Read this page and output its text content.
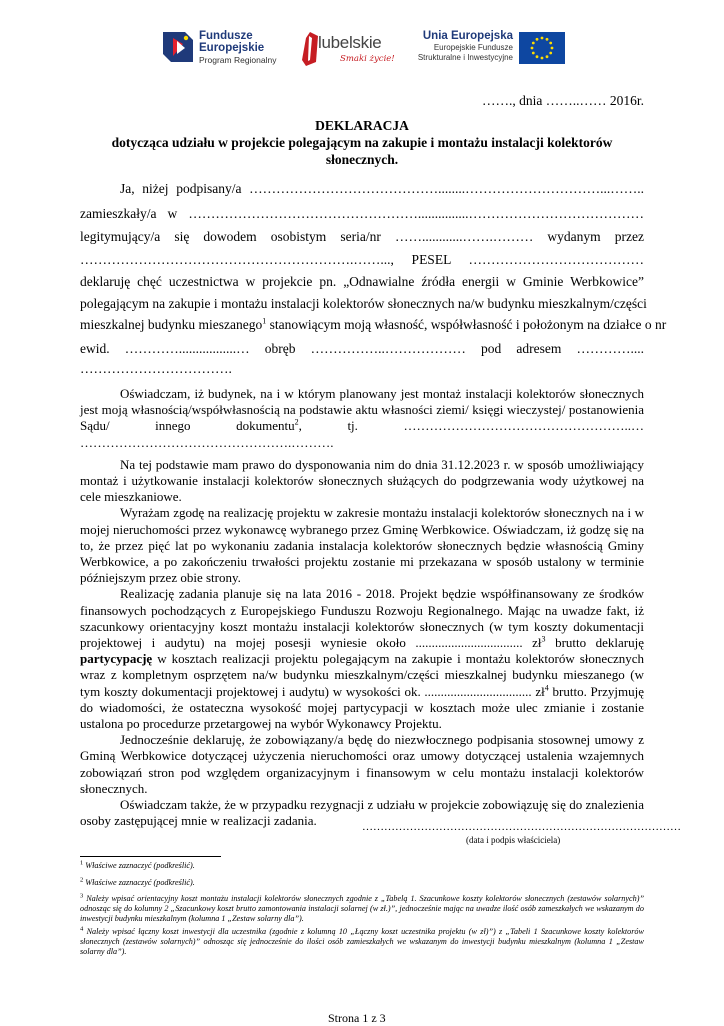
Fundusze
Europejskie
Program Regionalny
lubelskie
Smaki życie!
Unia Europejska
Europejskie Fundusze
Strukturalne i Inwestycyjne
……., dnia ……..…… 2016r.
DEKLARACJA
dotycząca udziału w projekcie polegającym na zakupie i montażu instalacji kolektorów
słonecznych.
Ja, niżej podpisany/a ……………………………………........…………………………...……..
zamieszkały/a w ……………………………………………...............…………………………………
legitymujący/a się dowodem osobistym seria/nr ……............…….……… wydanym przez
…………………………………………………….……..., PESEL …………………………………
deklaruję chęć uczestnictwa w projekcie pn. „Odnawialne źródła energii w Gminie Werbkowice”
polegającym na zakupie i montażu instalacji kolektorów słonecznych na/w budynku mieszkalnym/części
mieszkalnej budynku mieszanego$^1$ stanowiącym moją własność, współwłasność i położonym na działce o nr
ewid. ………….................… obręb ……………..……………… pod adresem …………....
…………………………….

Oświadczam, iż budynek, na i w którym planowany jest montaż instalacji kolektorów słonecznych jest moją własnością/współwłasnością na podstawie aktu własności ziemi/ księgi wieczystej/ postanowienia Sądu/ innego dokumentu$^2$, tj. ……………………………………………..… ………………………………………….……….

Na tej podstawie mam prawo do dysponowania nim do dnia 31.12.2023 r. w sposób umożliwiający montaż i użytkowanie instalacji kolektorów słonecznych służących do podgrzewania wody użytkowej na cele mieszkaniowe.

Wyrażam zgodę na realizację projektu w zakresie montażu instalacji kolektorów słonecznych na i w mojej nieruchomości przez wykonawcę wybranego przez Gminę Werbkowice. Oświadczam, iż godzę się na to, że przez pięć lat po wykonaniu zadania instalacja kolektorów słonecznych będzie własnością Gminy Werbkowice, a po zakończeniu trwałości projektu zostanie mi przekazana w sposób ustalony w terminie późniejszym przez obie strony.

Realizację zadania planuje się na lata 2016 - 2018. Projekt będzie współfinansowany ze środków finansowych pochodzących z Europejskiego Funduszu Rozwoju Regionalnego. Mając na uwadze fakt, iż szacunkowy orientacyjny koszt montażu instalacji kolektorów słonecznych (w tym koszty dokumentacji projektowej i audytu) na mojej posesji wyniesie około ................................. $zł^3$ brutto deklaruję partycypację w kosztach realizacji projektu polegającym na zakupie i montażu kolektorów słonecznych wraz z kompletnym osprzętem na/w budynku mieszkalnym/części mieszkalnej budynku mieszanego (w tym koszty dokumentacji projektowej i audytu) w wysokości ok. ................................. $zł^4$ brutto. Przyjmuję do wiadomości, że ostateczna wysokość mojej partycypacji w kosztach może ulec zmianie i zostanie ustalona po procedurze przetargowej na wybór Wykonawcy Projektu.

Jednocześnie deklaruję, że zobowiązany/a będę do niezwłocznego podpisania stosownej umowy z Gminą Werbkowice dotyczącej użyczenia nieruchomości oraz umowy dotyczącej ustalenia wzajemnych zobowiązań stron pod względem organizacyjnym i finansowym w celu montażu instalacji kolektorów słonecznych.

Oświadczam także, że w przypadku rezygnacji z udziału w projekcie zobowiązuję się do znalezienia osoby zastępującej mnie w realizacji zadania.	……………………………………………………………………………
(data i podpis właściciela)
$^1$ Właściwe zaznaczyć (podkreślić).
$^2$ Właściwe zaznaczyć (podkreślić).
$^3$ Należy wpisać orientacyjny koszt montażu instalacji kolektorów słonecznych zgodnie z „Tabelą 1. Szacunkowe koszty kolektorów słonecznych (zestawów solarnych)” odnosząc się do kolumny 2 „Szacunkowy koszt brutto zamontowania instalacji solarnej (w zł.)”, jednocześnie mając na uwadze ilość osób zameszkałych we wskazanym do inwestycji budynku mieszkalnym (kolumna 1 „Zestaw solarny dla”).
$^4$ Należy wpisać łączny koszt inwestycji dla uczestnika (zgodnie z kolumną 10 „Łączny koszt uczestnika projektu (w zł)”) z „Tabeli 1 Szacunkowe koszty kolektorów słonecznych (zestawów solarnych)” odnosząc się jednocześnie do ilości osób zamieszkałych we wskazanym do inwestycji budynku mieszkalnym (kolumna 1 „Zestaw solarny dla”).
Strona 1 z 3
